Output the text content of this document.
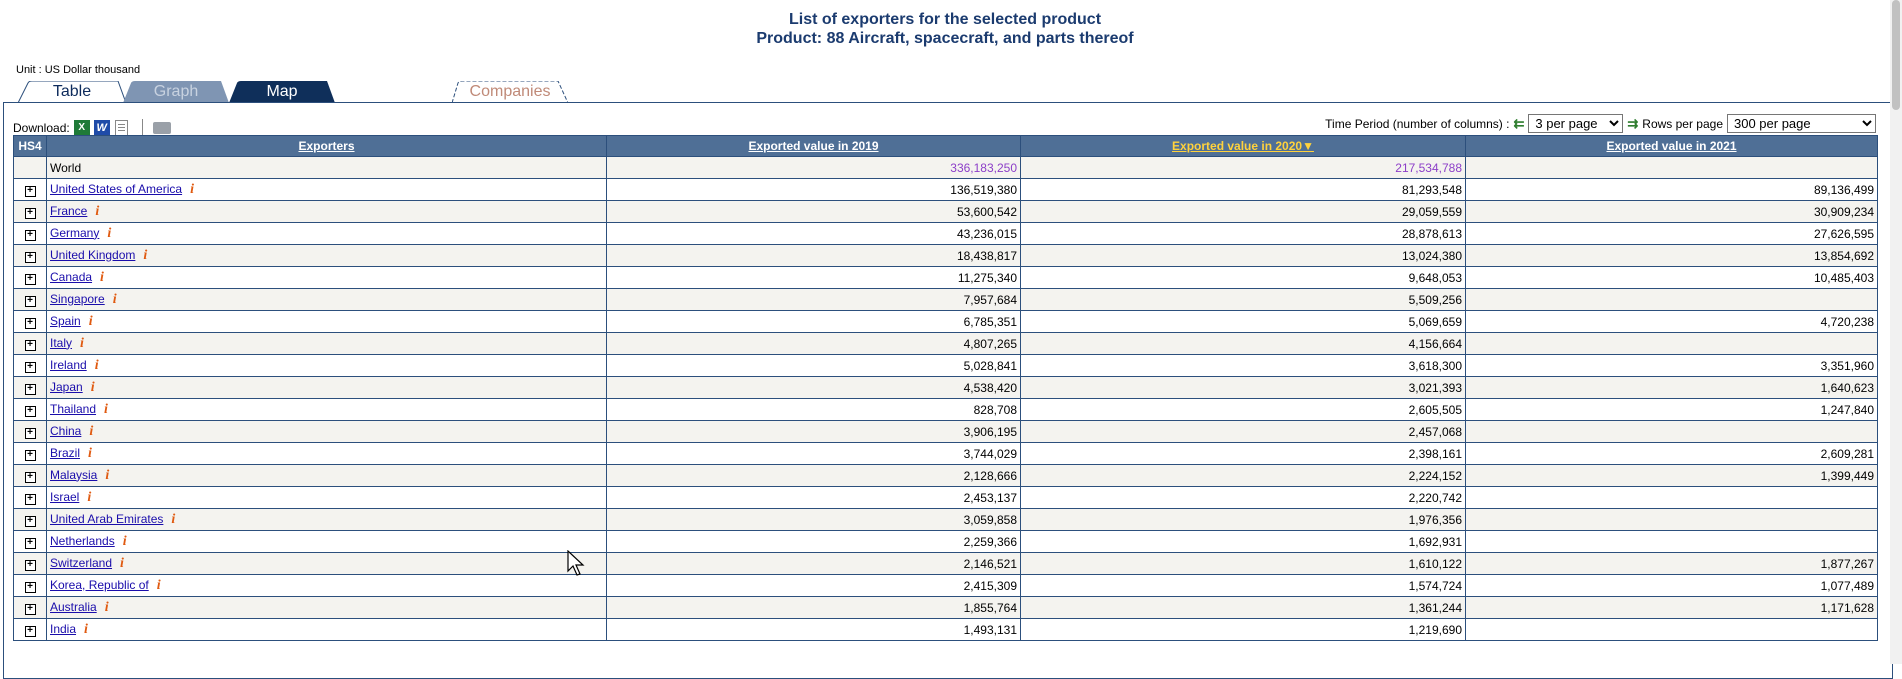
List of exporters for the selected product
Product: 88 Aircraft, spacecraft, and parts thereof
Unit : US Dollar thousand
Table	Graph	Map	Companies
Download: X	W	Time Period (number of columns) : ⇇
3 per page	⇉ Rows per page
300 per page
HS4	Exporters	Exported value in 2019	Exported value in 2020▼	Exported value in 2021
	World	336,183,250	217,534,788	
+	United States of America i	136,519,380	81,293,548	89,136,499
+	France i	53,600,542	29,059,559	30,909,234
+	Germany i	43,236,015	28,878,613	27,626,595
+	United Kingdom i	18,438,817	13,024,380	13,854,692
+	Canada i	11,275,340	9,648,053	10,485,403
+	Singapore i	7,957,684	5,509,256	
+	Spain i	6,785,351	5,069,659	4,720,238
+	Italy i	4,807,265	4,156,664	
+	Ireland i	5,028,841	3,618,300	3,351,960
+	Japan i	4,538,420	3,021,393	1,640,623
+	Thailand i	828,708	2,605,505	1,247,840
+	China i	3,906,195	2,457,068	
+	Brazil i	3,744,029	2,398,161	2,609,281
+	Malaysia i	2,128,666	2,224,152	1,399,449
+	Israel i	2,453,137	2,220,742	
+	United Arab Emirates i	3,059,858	1,976,356	
+	Netherlands i	2,259,366	1,692,931	
+	Switzerland i	2,146,521	1,610,122	1,877,267
+	Korea, Republic of i	2,415,309	1,574,724	1,077,489
+	Australia i	1,855,764	1,361,244	1,171,628
+	India i	1,493,131	1,219,690	
